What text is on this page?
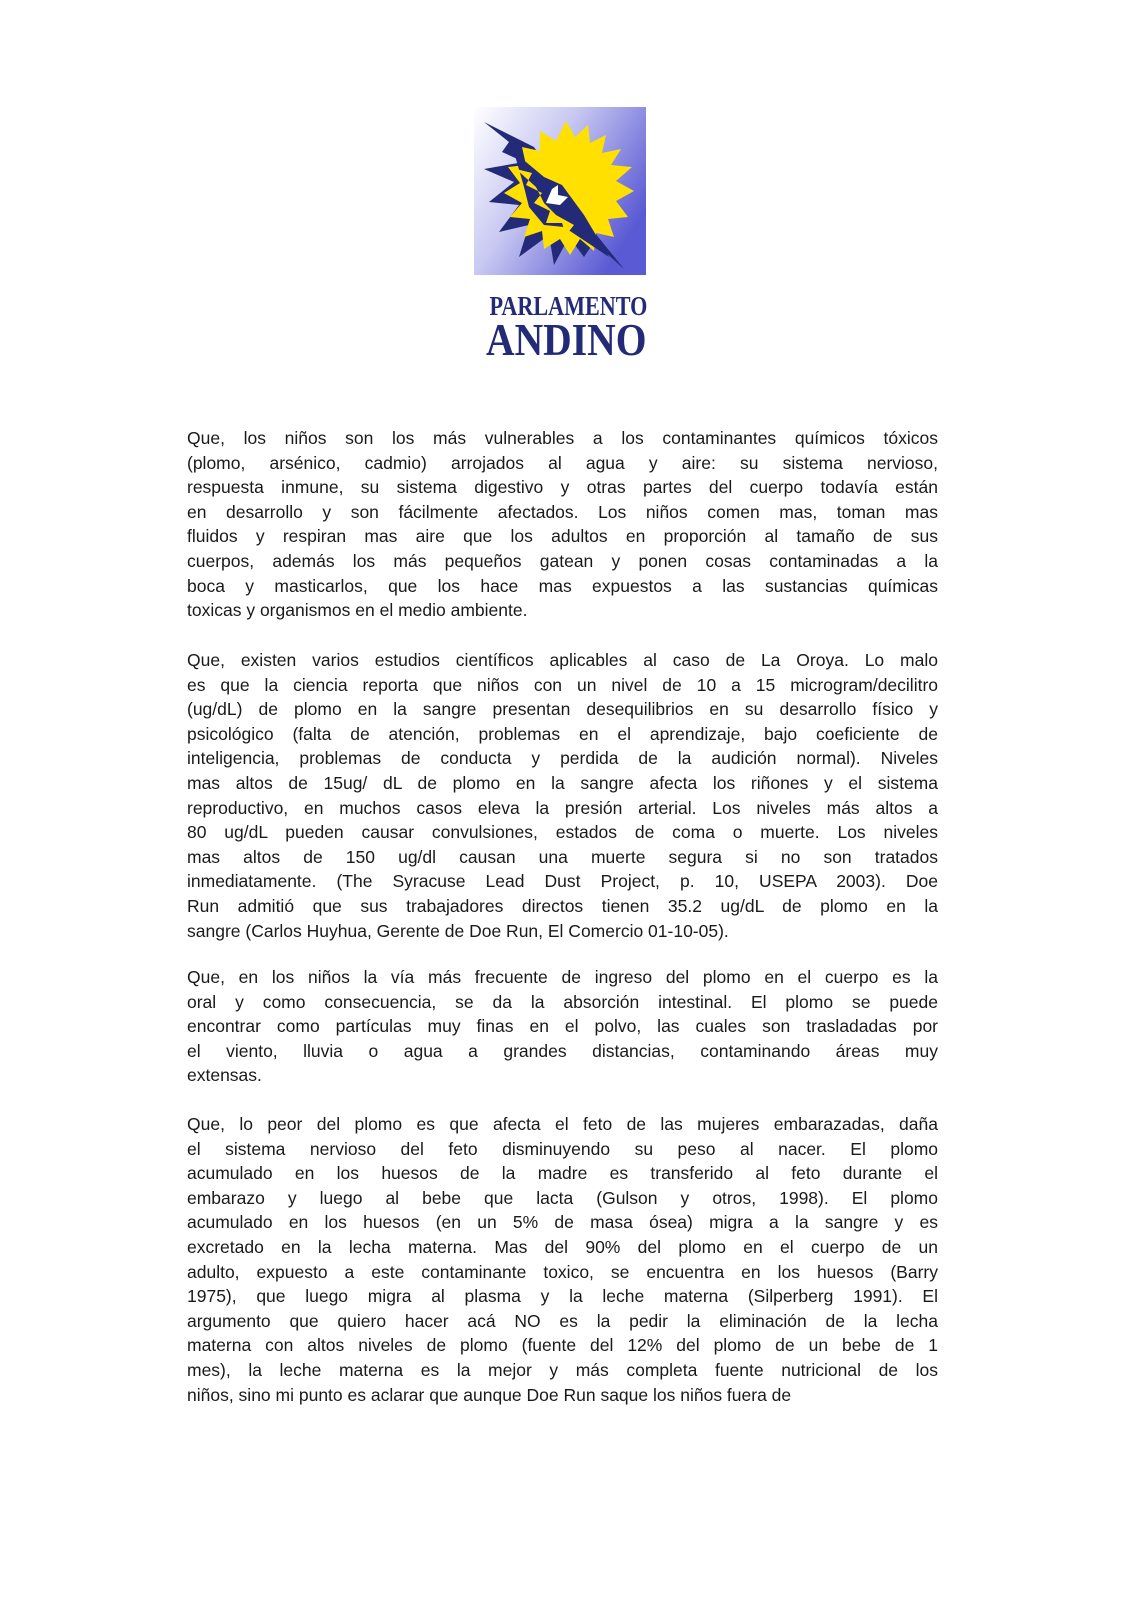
PARLAMENTO
ANDINO
Que, los niños son los más vulnerables a los contaminantes químicos tóxicos
(plomo, arsénico, cadmio) arrojados al agua y aire: su sistema nervioso,
respuesta inmune, su sistema digestivo y otras partes del cuerpo todavía están
en desarrollo y son fácilmente afectados. Los niños comen mas, toman mas
fluidos y respiran mas aire que los adultos en proporción al tamaño de sus
cuerpos, además los más pequeños gatean y ponen cosas contaminadas a la
boca y masticarlos, que los hace mas expuestos a las sustancias químicas
toxicas y organismos en el medio ambiente.
Que, existen varios estudios científicos aplicables al caso de La Oroya. Lo malo
es que la ciencia reporta que niños con un nivel de 10 a 15 microgram/decilitro
(ug/dL) de plomo en la sangre presentan desequilibrios en su desarrollo físico y
psicológico (falta de atención, problemas en el aprendizaje, bajo coeficiente de
inteligencia, problemas de conducta y perdida de la audición normal). Niveles
mas altos de 15ug/ dL de plomo en la sangre afecta los riñones y el sistema
reproductivo, en muchos casos eleva la presión arterial. Los niveles más altos a
80 ug/dL pueden causar convulsiones, estados de coma o muerte. Los niveles
mas altos de 150 ug/dl causan una muerte segura si no son tratados
inmediatamente. (The Syracuse Lead Dust Project, p. 10, USEPA 2003). Doe
Run admitió que sus trabajadores directos tienen 35.2 ug/dL de plomo en la
sangre (Carlos Huyhua, Gerente de Doe Run, El Comercio 01-10-05).
Que, en los niños la vía más frecuente de ingreso del plomo en el cuerpo es la
oral y como consecuencia, se da la absorción intestinal. El plomo se puede
encontrar como partículas muy finas en el polvo, las cuales son trasladadas por
el viento, lluvia o agua a grandes distancias, contaminando áreas muy
extensas.
Que, lo peor del plomo es que afecta el feto de las mujeres embarazadas, daña
el sistema nervioso del feto disminuyendo su peso al nacer. El plomo
acumulado en los huesos de la madre es transferido al feto durante el
embarazo y luego al bebe que lacta (Gulson y otros, 1998). El plomo
acumulado en los huesos (en un 5% de masa ósea) migra a la sangre y es
excretado en la lecha materna. Mas del 90% del plomo en el cuerpo de un
adulto, expuesto a este contaminante toxico, se encuentra en los huesos (Barry
1975), que luego migra al plasma y la leche materna (Silperberg 1991). El
argumento que quiero hacer acá NO es la pedir la eliminación de la lecha
materna con altos niveles de plomo (fuente del 12% del plomo de un bebe de 1
mes), la leche materna es la mejor y más completa fuente nutricional de los
niños, sino mi punto es aclarar que aunque Doe Run saque los niños fuera de
